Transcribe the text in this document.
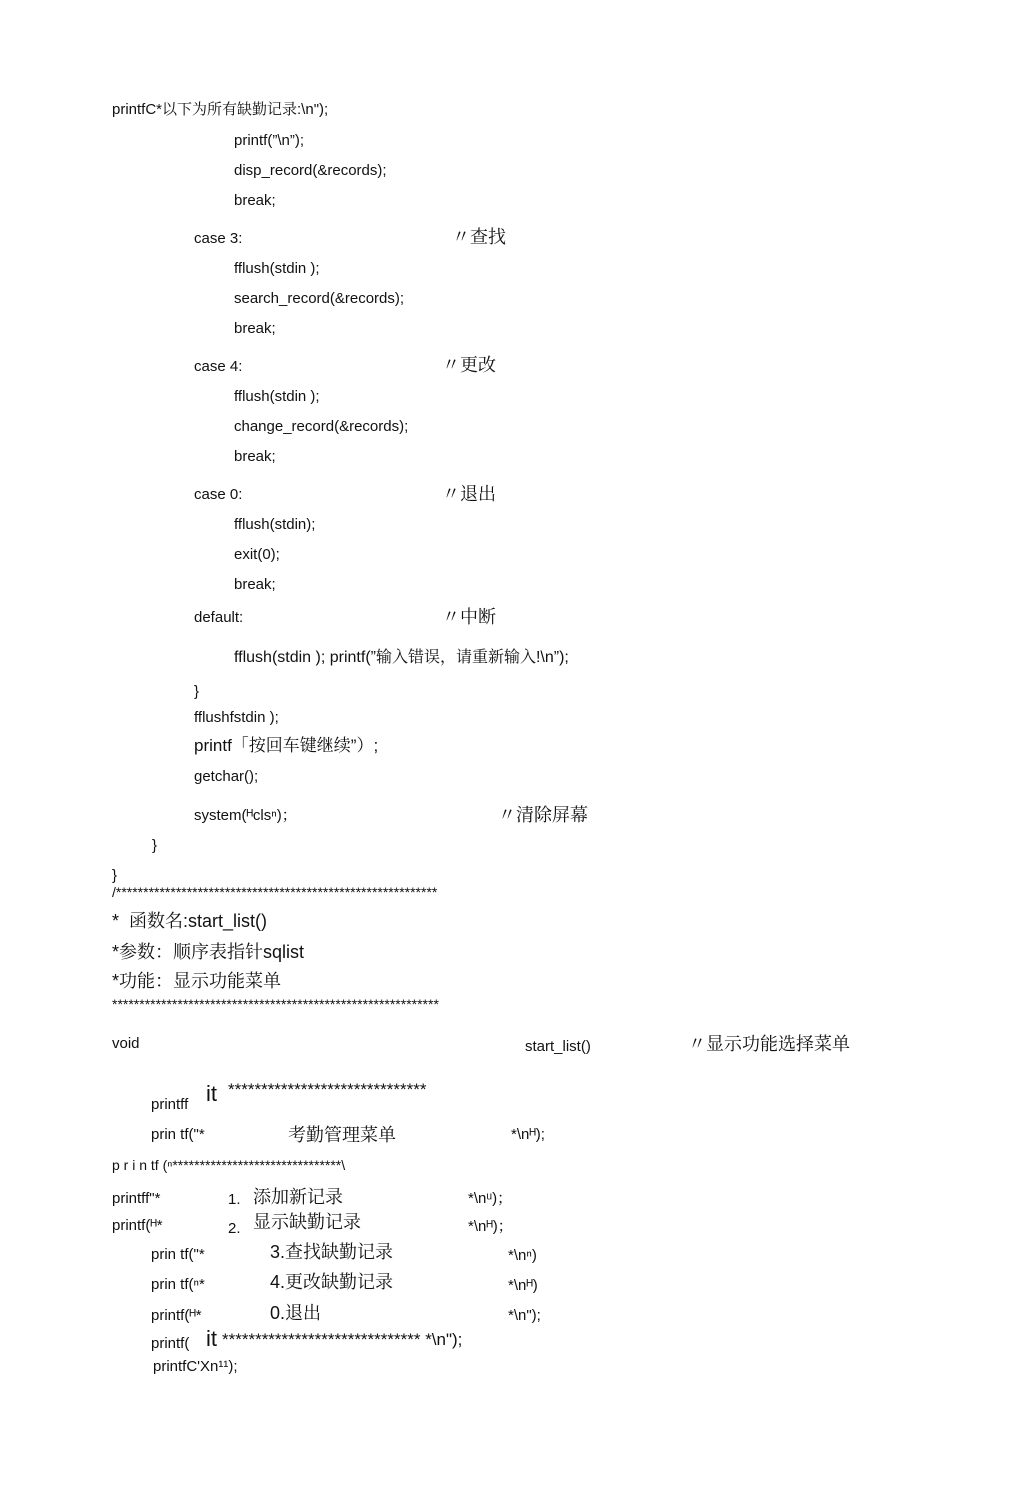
printfC*以下为所有缺勤记录:\n");
printf(”\n”);
disp_record(&records);
break;
case 3:	〃查找
fflush(stdin );
search_record(&records);
break;
case 4:	〃更改
fflush(stdin );
change_record(&records);
break;
case 0:	〃退出
fflush(stdin);
exit(0);
break;
default:	〃中断
fflush(stdin ); printf(”输入错误，请重新输入!\n”);
}
fflushfstdin );
printf「按回车键继续”）;
getchar();
system(ᴴclsⁿ)；	〃清除屏幕
}
}
/***********************************************************
*  函数名:start_list()
*参数：顺序表指针sqlist
*功能：显示功能菜单
************************************************************
void	start_list()	〃显示功能选择菜单
printff it ******************************
prin tf("*	考勤管理菜单	*\nᴴ);
p r i n tf (ⁿ*******************************\
printff"*	1. 添加新记录	*\nᵘ)；
printf(ᴴ*	2. 显示缺勤记录	*\nᴴ)；
prin tf("*	3.查找缺勤记录	*\nⁿ)
prin tf(ⁿ*	4.更改缺勤记录	*\nᴴ)
printf(ᴴ*	0.退出	*\n");
printf( it ****************************** *\n");
printfC'Xn¹¹);
